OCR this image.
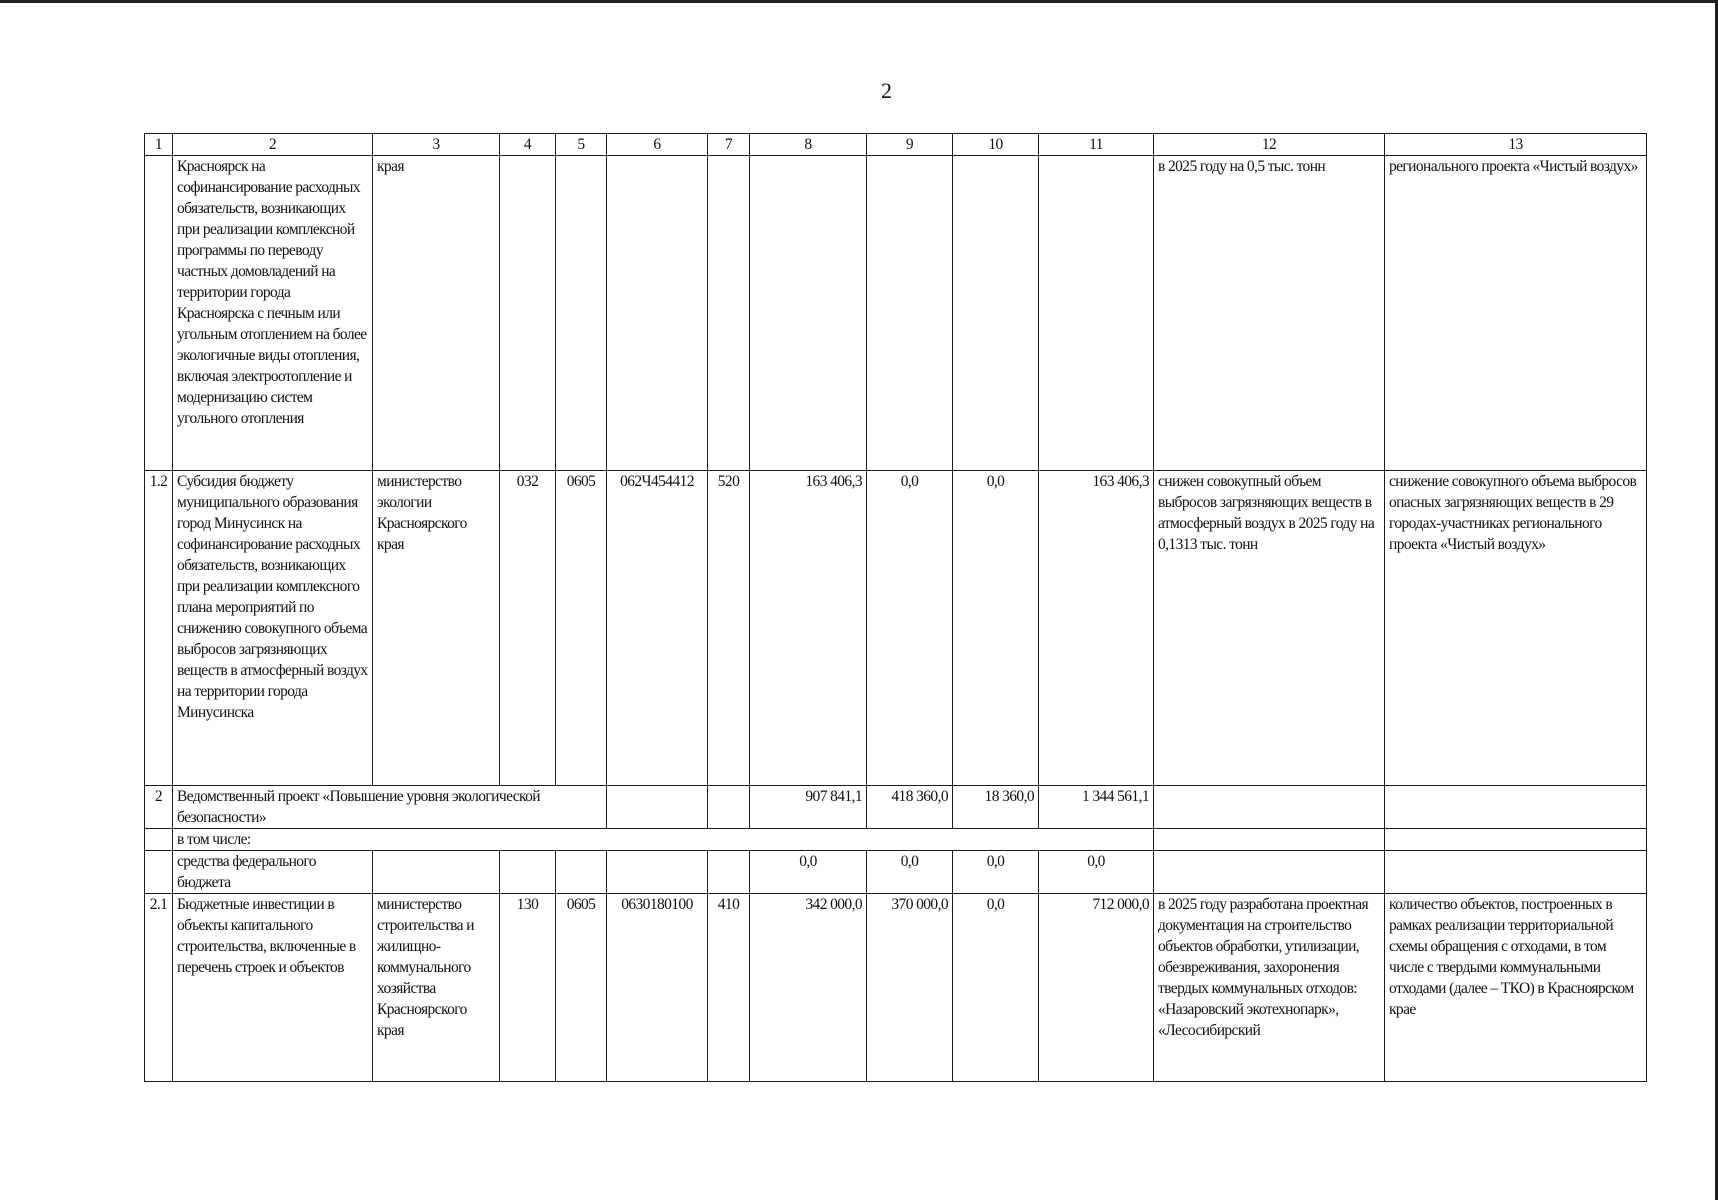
2
1	2	3	4	5	6	7	8	9	10	11	12	13
	Красноярск на софинансирование расходных обязательств, возникающих при реализации комплексной программы по переводу частных домовладений на территории города Красноярска с печным или угольным отоплением на более экологичные виды отопления, включая электроотопление и модернизацию систем угольного отопления	края									в 2025 году на 0,5 тыс. тонн	регионального проекта «Чистый воздух»
1.2	Субсидия бюджету муниципального образования город Минусинск на софинансирование расходных обязательств, возникающих при реализации комплексного плана мероприятий по снижению совокупного объема выбросов загрязняющих веществ в атмосферный воздух на территории города Минусинска	министерство экологии Красноярского края	032	0605	062Ч454412	520	163 406,3	0,0	0,0	163 406,3	снижен совокупный объем выбросов загрязняющих веществ в атмосферный воздух в 2025 году на 0,1313 тыс. тонн	снижение совокупного объема выбросов опасных загрязняющих веществ в 29 городах-участниках регионального проекта «Чистый воздух»
2	Ведомственный проект «Повышение уровня экологической безопасности»						907 841,1	418 360,0	18 360,0	1 344 561,1		
	в том числе:											
	средства федерального бюджета						0,0	0,0	0,0	0,0		
2.1	Бюджетные инвестиции в объекты капитального строительства, включенные в перечень строек и объектов	министерство строительства и жилищно-коммунального хозяйства Красноярского края	130	0605	0630180100	410	342 000,0	370 000,0	0,0	712 000,0	в 2025 году разработана проектная документация на строительство объектов обработки, утилизации, обезвреживания, захоронения твердых коммунальных отходов: «Назаровский экотехнопарк», «Лесосибирский	количество объектов, построенных в рамках реализации территориальной схемы обращения с отходами, в том числе с твердыми коммунальными отходами (далее – ТКО) в Красноярском крае
